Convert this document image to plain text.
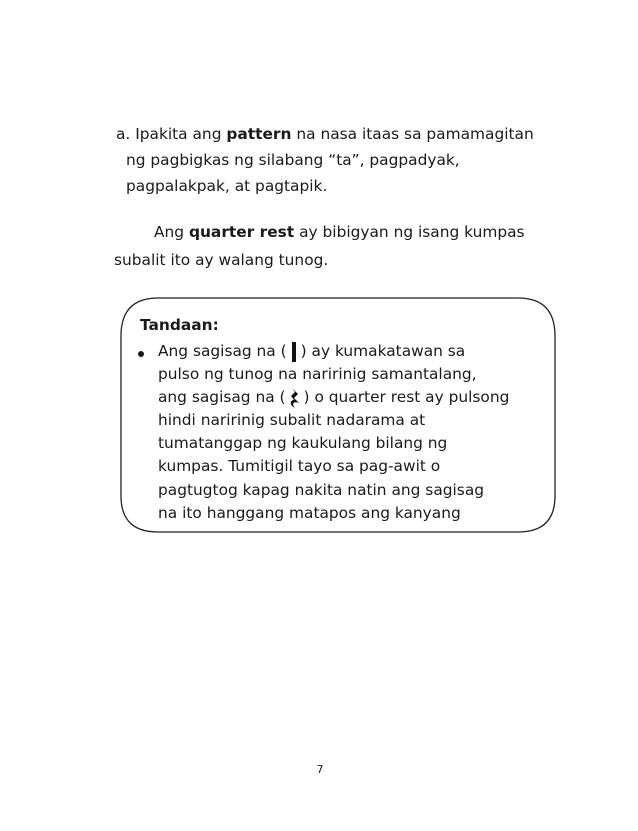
a. Ipakita ang pattern na nasa itaas sa pamamagitan
ng pagbigkas ng silabang “ta”, pagpadyak,
pagpalakpak, at pagtapik.
Ang quarter rest ay bibigyan ng isang kumpas
subalit ito ay walang tunog.
Tandaan:
Ang sagisag na ( ) ay kumakatawan sa
pulso ng tunog na naririnig samantalang,
ang sagisag na ( ) o quarter rest ay pulsong
hindi naririnig subalit nadarama at
tumatanggap ng kaukulang bilang ng
kumpas. Tumitigil tayo sa pag-awit o
pagtugtog kapag nakita natin ang sagisag
na ito hanggang matapos ang kanyang
7
